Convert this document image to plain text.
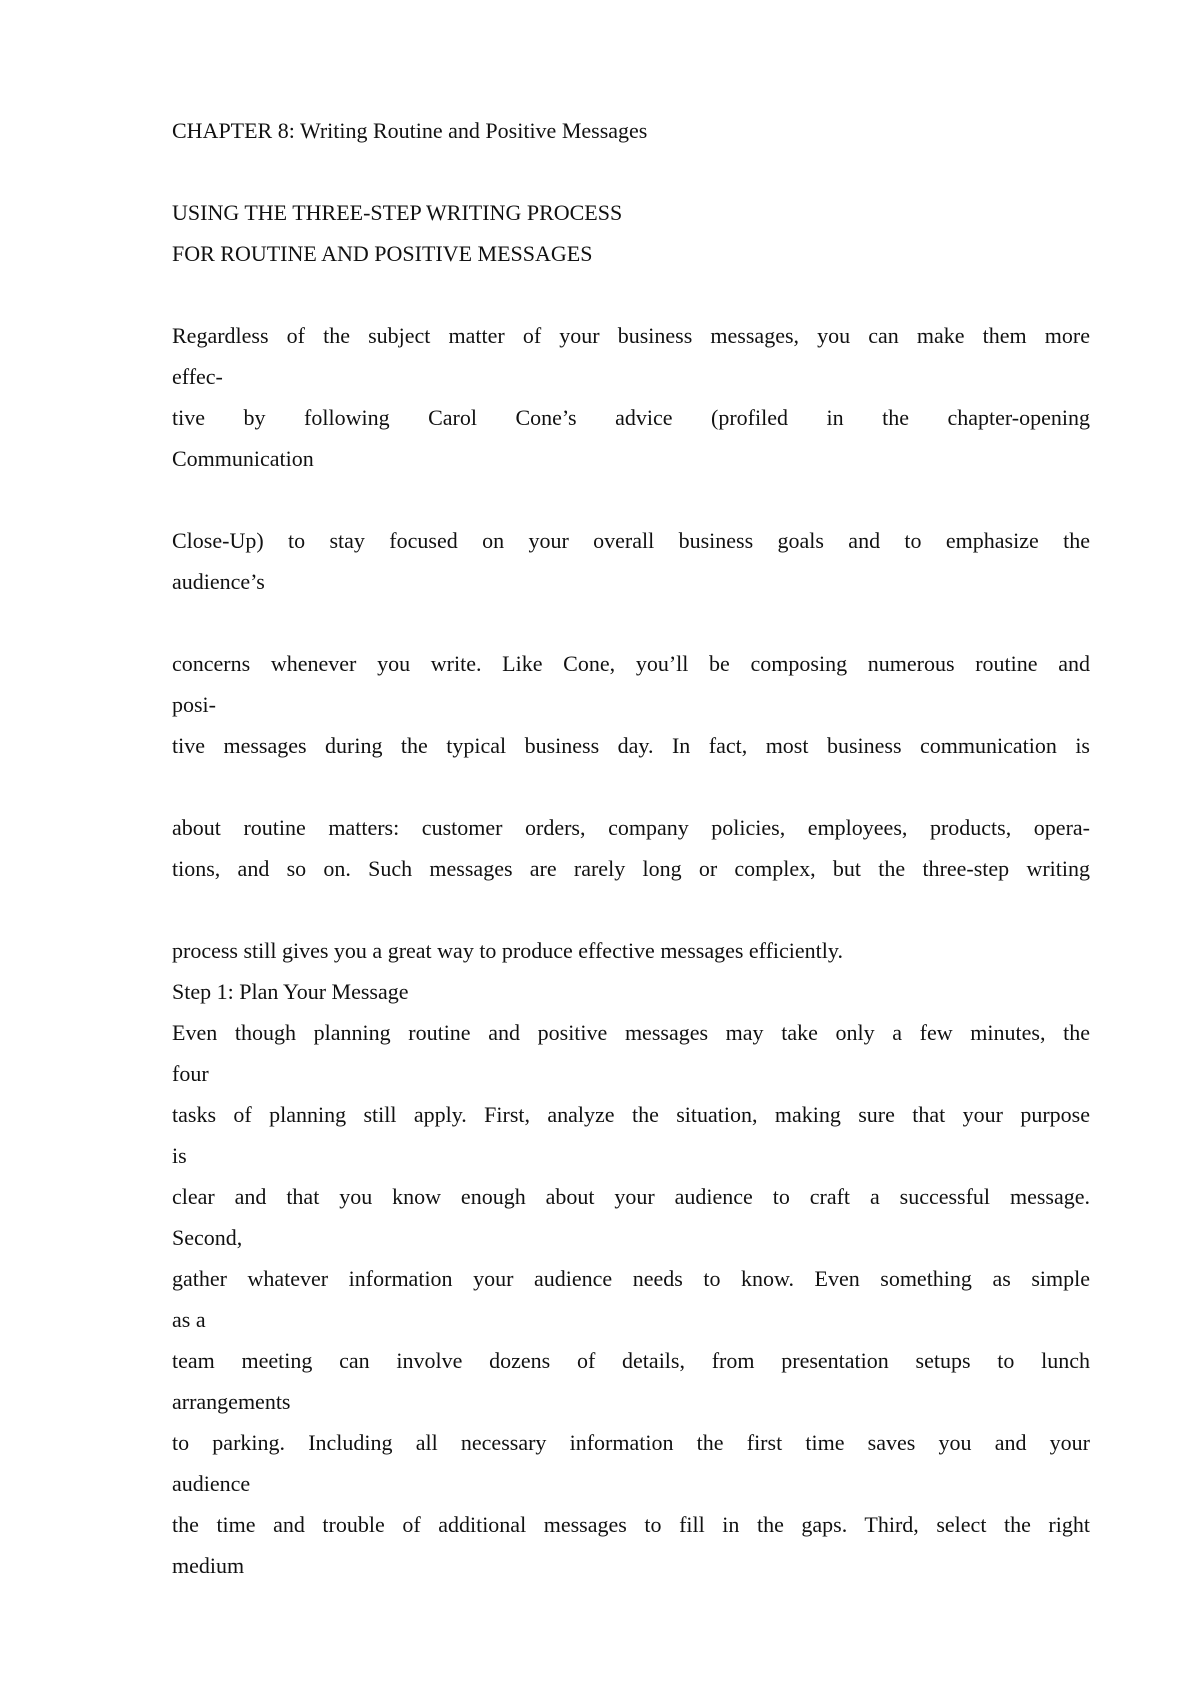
CHAPTER 8: Writing Routine and Positive Messages
USING THE THREE-STEP WRITING PROCESS
FOR ROUTINE AND POSITIVE MESSAGES
Regardless of the subject matter of your business messages, you can make them more
effec-
tive by following Carol Cone’s advice (profiled in the chapter-opening
Communication
Close-Up) to stay focused on your overall business goals and to emphasize the
audience’s
concerns whenever you write. Like Cone, you’ll be composing numerous routine and
posi-
tive messages during the typical business day. In fact, most business communication is
about routine matters: customer orders, company policies, employees, products, opera-
tions, and so on. Such messages are rarely long or complex, but the three-step writing
process still gives you a great way to produce effective messages efficiently.
Step 1: Plan Your Message
Even though planning routine and positive messages may take only a few minutes, the
four
tasks of planning still apply. First, analyze the situation, making sure that your purpose
is
clear and that you know enough about your audience to craft a successful message.
Second,
gather whatever information your audience needs to know. Even something as simple
as a
team meeting can involve dozens of details, from presentation setups to lunch
arrangements
to parking. Including all necessary information the first time saves you and your
audience
the time and trouble of additional messages to fill in the gaps. Third, select the right
medium
